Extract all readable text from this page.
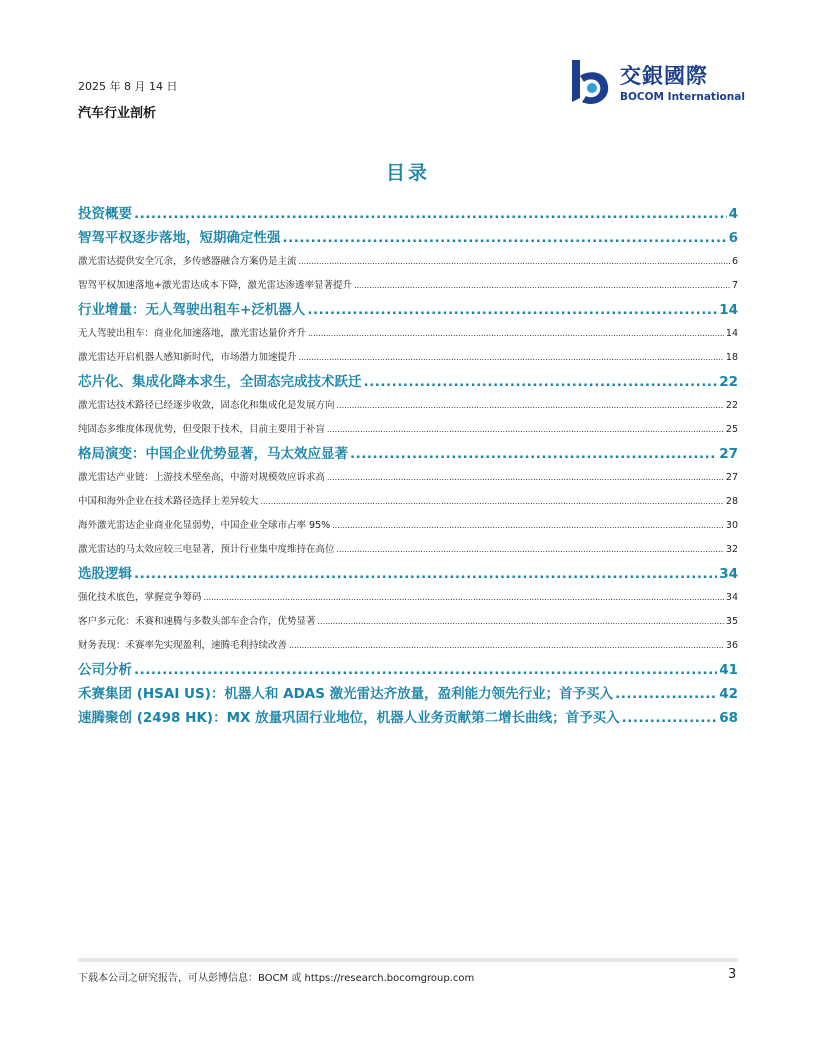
2025 年 8 月 14 日
汽车行业剖析
交銀國際
BOCOM International
目录
投资概要 .....	4
智驾平权逐步落地，短期确定性强 .....	6
激光雷达提供安全冗余，多传感器融合方案仍是主流 .....	6
智驾平权加速落地+激光雷达成本下降，激光雷达渗透率显著提升 .....	7
行业增量：无人驾驶出租车+泛机器人 .....	14
无人驾驶出租车：商业化加速落地，激光雷达量价齐升 .....	14
激光雷达开启机器人感知新时代，市场潜力加速提升 .....	18
芯片化、集成化降本求生，全固态完成技术跃迁 .....	22
激光雷达技术路径已经逐步收敛，固态化和集成化是发展方向 .....	22
纯固态多维度体现优势，但受限于技术，目前主要用于补盲 .....	25
格局演变：中国企业优势显著，马太效应显著 .....	27
激光雷达产业链：上游技术壁垒高，中游对规模效应诉求高 .....	27
中国和海外企业在技术路径选择上差异较大 .....	28
海外激光雷达企业商业化显弱势，中国企业全球市占率 95% .....	30
激光雷达的马太效应较三电显著，预计行业集中度维持在高位 .....	32
选股逻辑 .....	34
强化技术底色，掌握竞争筹码 .....	34
客户多元化：禾赛和速腾与多数头部车企合作，优势显著 .....	35
财务表现：禾赛率先实现盈利，速腾毛利持续改善 .....	36
公司分析 .....	41
禾赛集团 (HSAI US)：机器人和 ADAS 激光雷达齐放量，盈利能力领先行业；首予买入 .....	42
速腾聚创 (2498 HK)：MX 放量巩固行业地位，机器人业务贡献第二增长曲线；首予买入 .....	68
下载本公司之研究报告，可从彭博信息：BOCM 或 https://research.bocomgroup.com	3
